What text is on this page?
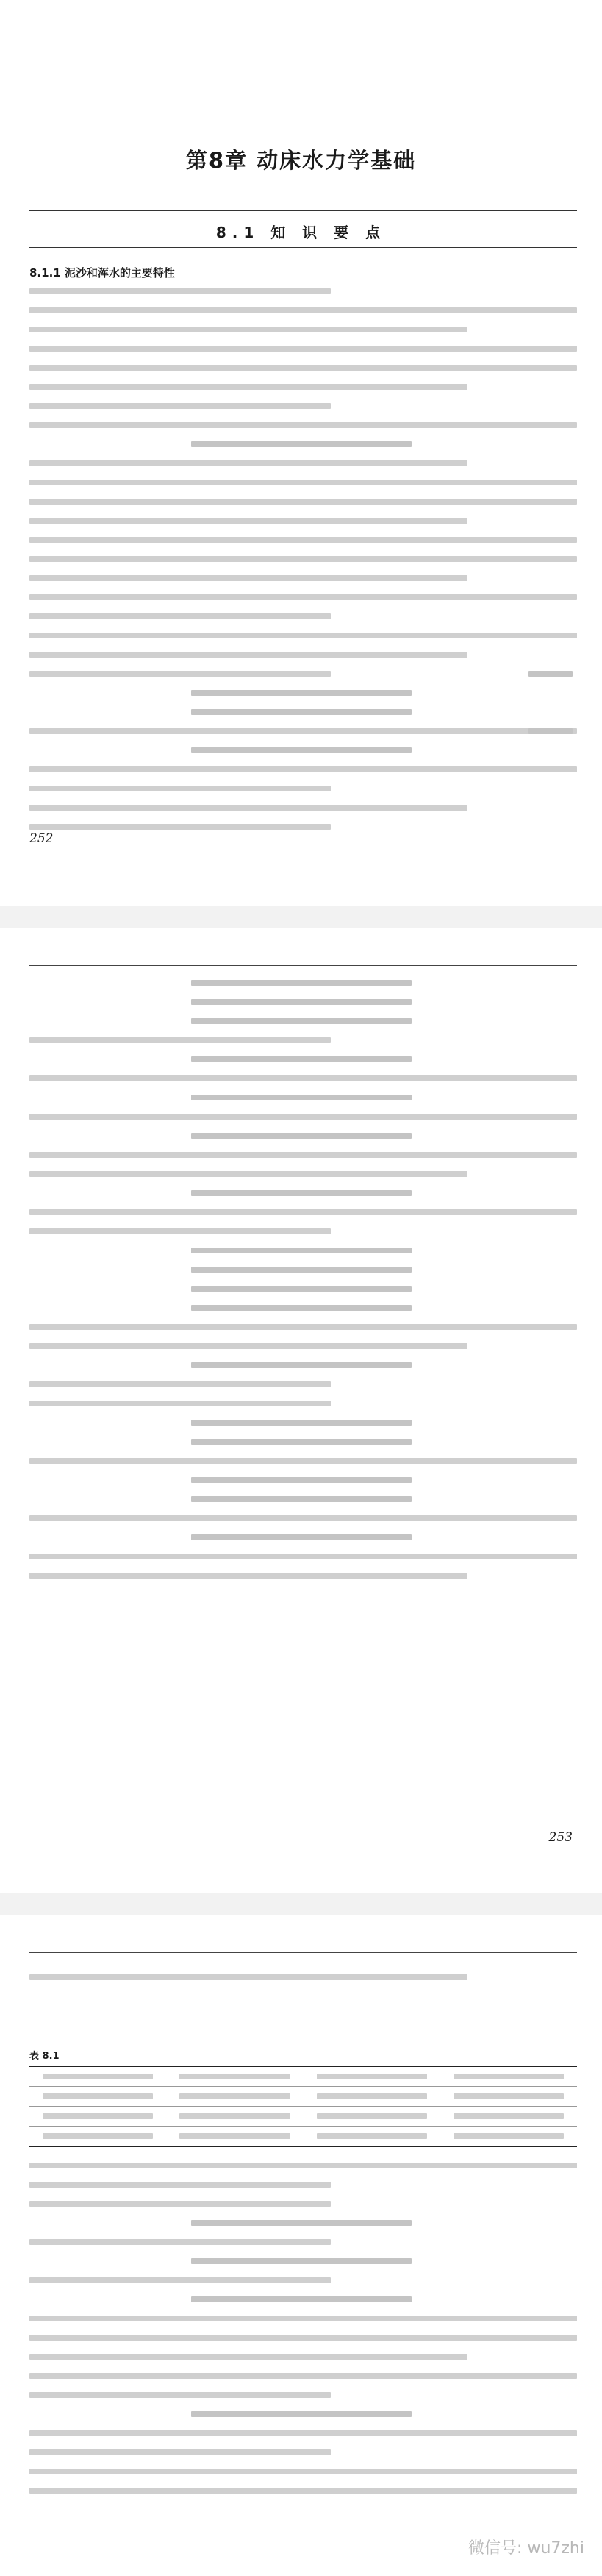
第8章 动床水力学基础
8.1 知 识 要 点
8.1.1 泥沙和浑水的主要特性
252
253
表 8.1
微信号: wu7zhi
